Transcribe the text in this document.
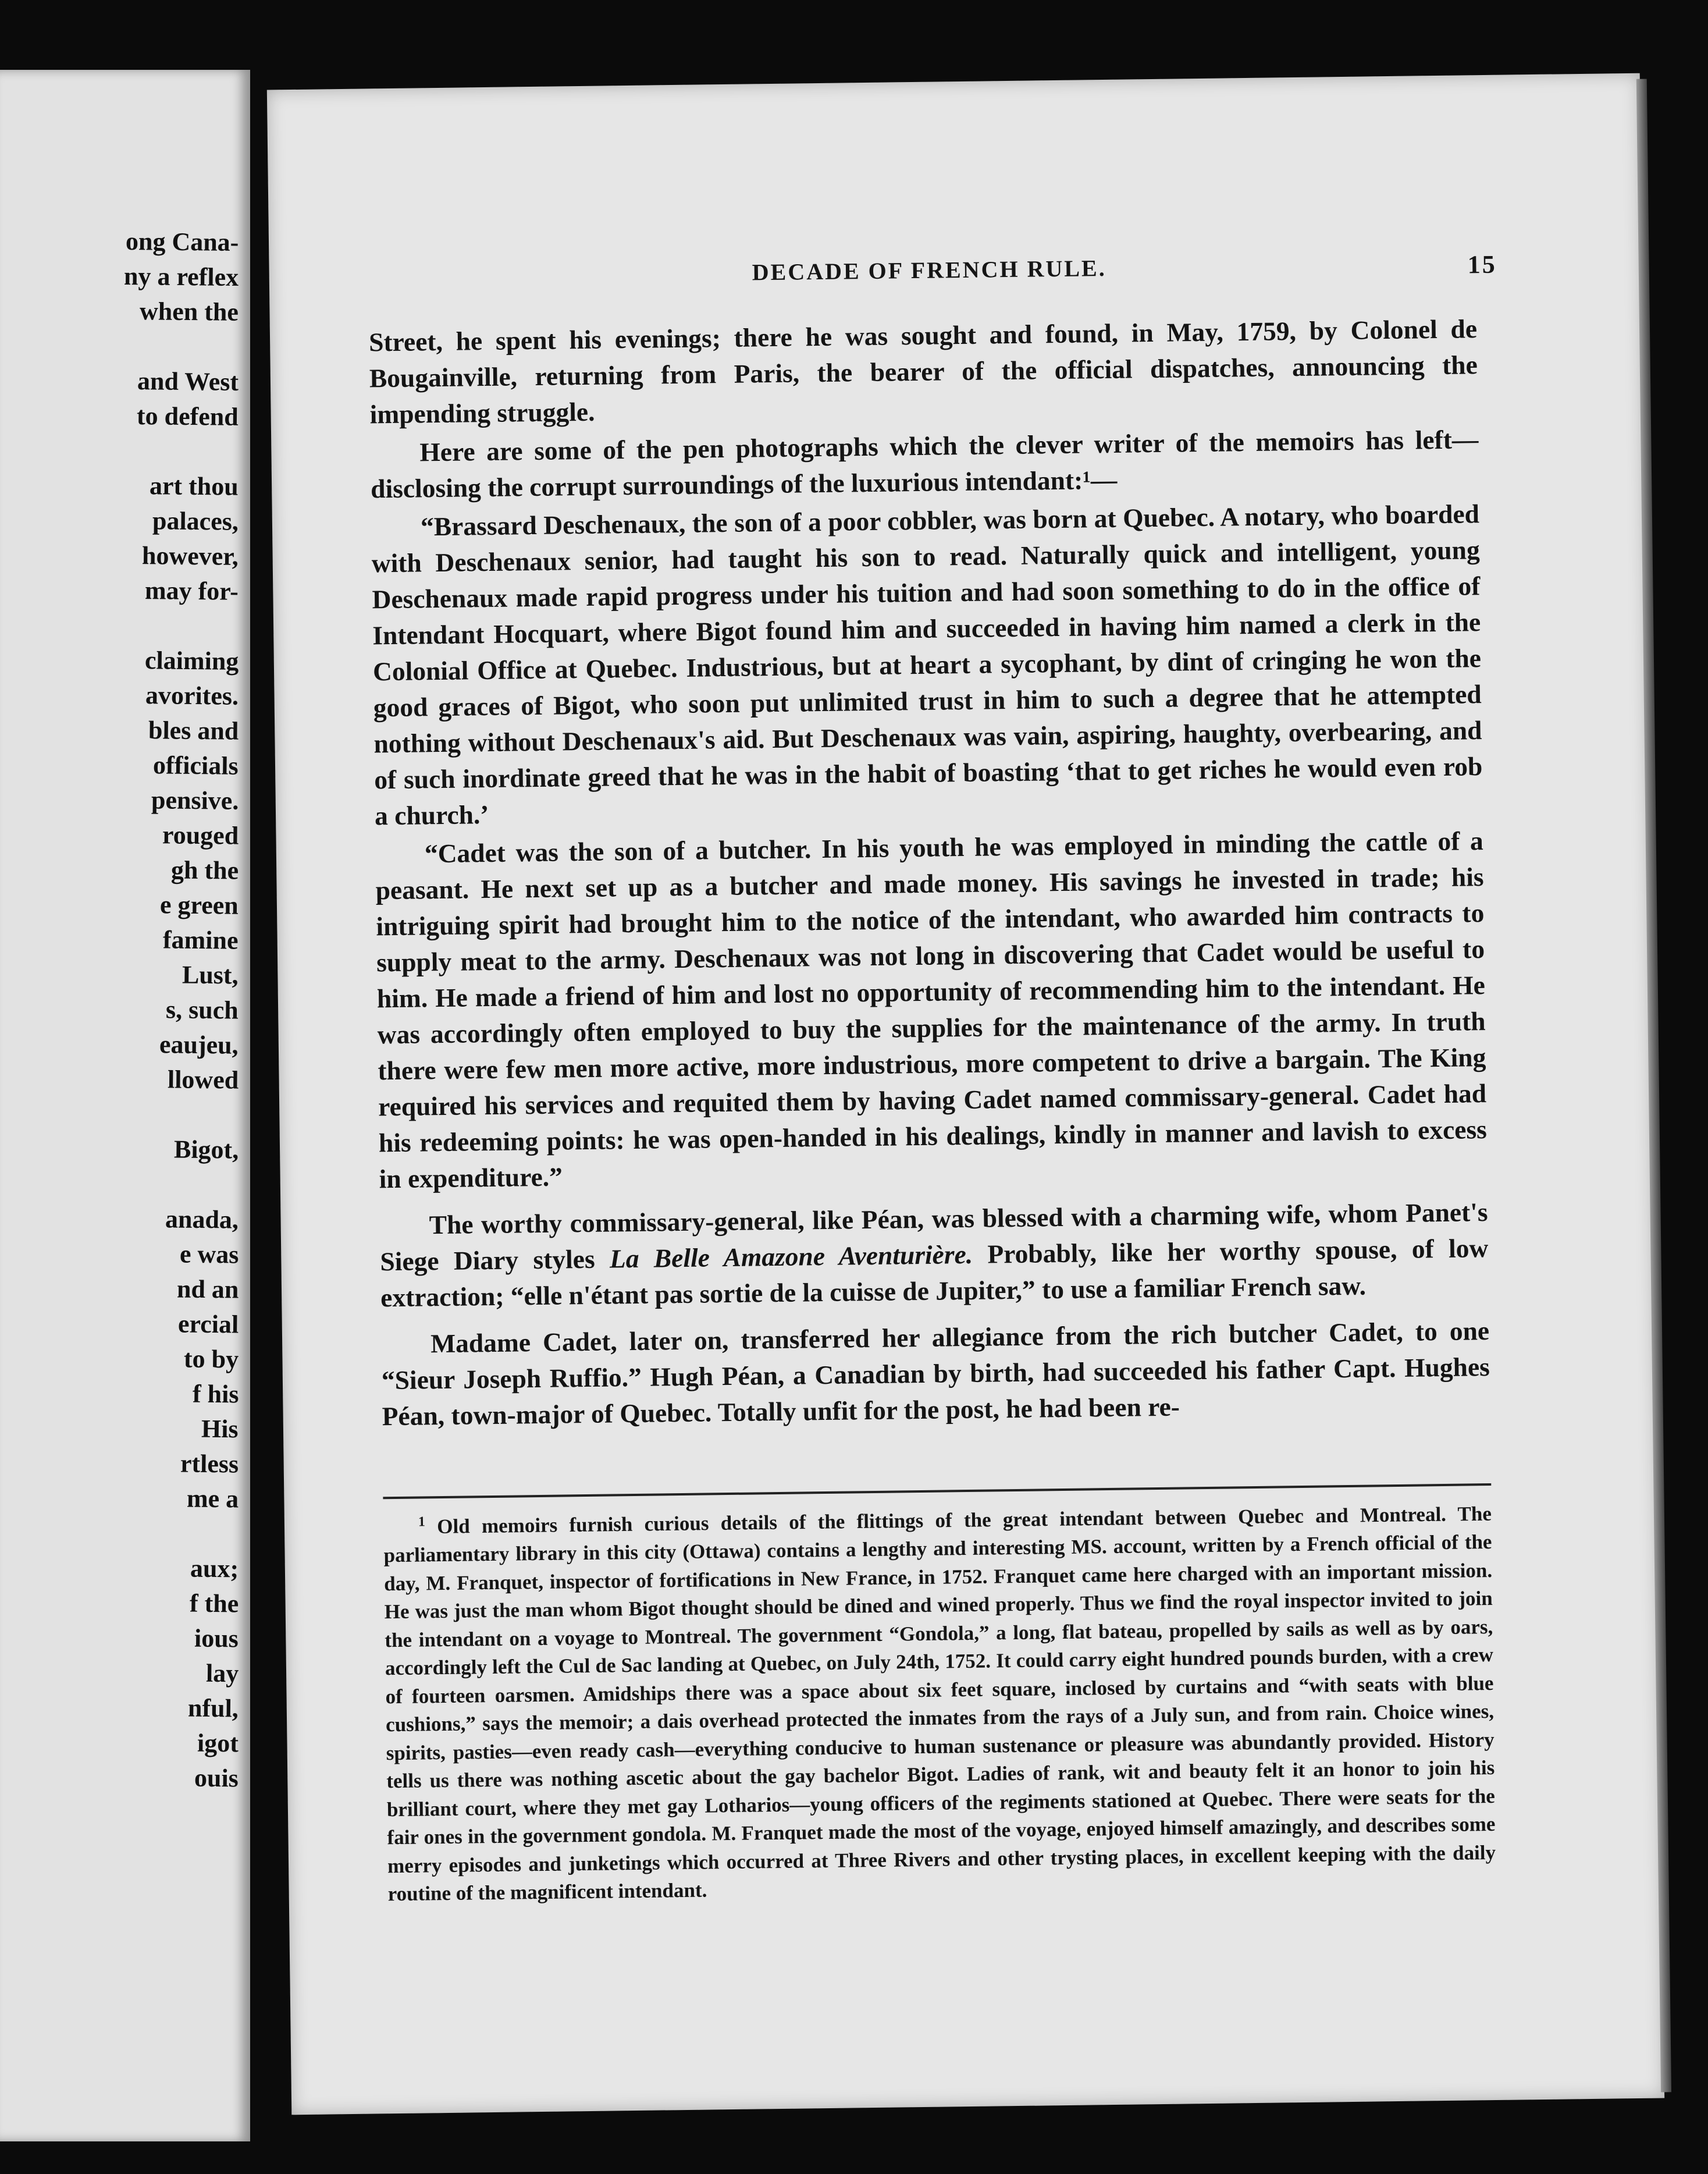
ong Cana-
ny a reflex
when the
and West
to defend
art thou
palaces,
however,
may for-
claiming
avorites.
bles and
officials
pensive.
rouged
gh the
e green
famine
Lust,
s, such
eaujeu,
llowed
Bigot,
anada,
e was
nd an
ercial
to by
f his
His
rtless
me a
aux;
f the
ious
lay
nful,
igot
ouis
DECADE OF FRENCH RULE.	15

Street, he spent his evenings; there he was sought and found, in May, 1759, by Colonel de Bougainville, returning from Paris, the bearer of the official dispatches, announcing the impending struggle.

Here are some of the pen photographs which the clever writer of the memoirs has left—disclosing the corrupt surroundings of the luxurious intendant:¹—

“Brassard Deschenaux, the son of a poor cobbler, was born at Quebec. A notary, who boarded with Deschenaux senior, had taught his son to read. Naturally quick and intelligent, young Deschenaux made rapid progress under his tuition and had soon something to do in the office of Intendant Hocquart, where Bigot found him and succeeded in having him named a clerk in the Colonial Office at Quebec. Industrious, but at heart a sycophant, by dint of cringing he won the good graces of Bigot, who soon put unlimited trust in him to such a degree that he attempted nothing without Deschenaux's aid. But Deschenaux was vain, aspiring, haughty, overbearing, and of such inordinate greed that he was in the habit of boasting ‘that to get riches he would even rob a church.’

“Cadet was the son of a butcher. In his youth he was employed in minding the cattle of a peasant. He next set up as a butcher and made money. His savings he invested in trade; his intriguing spirit had brought him to the notice of the intendant, who awarded him contracts to supply meat to the army. Deschenaux was not long in discovering that Cadet would be useful to him. He made a friend of him and lost no opportunity of recommending him to the intendant. He was accordingly often employed to buy the supplies for the maintenance of the army. In truth there were few men more active, more industrious, more competent to drive a bargain. The King required his services and requited them by having Cadet named commissary-general. Cadet had his redeeming points: he was open-handed in his dealings, kindly in manner and lavish to excess in expenditure.”

The worthy commissary-general, like Péan, was blessed with a charming wife, whom Panet's Siege Diary styles La Belle Amazone Aventurière. Probably, like her worthy spouse, of low extraction; “elle n'étant pas sortie de la cuisse de Jupiter,” to use a familiar French saw.

Madame Cadet, later on, transferred her allegiance from the rich butcher Cadet, to one “Sieur Joseph Ruffio.” Hugh Péan, a Canadian by birth, had succeeded his father Capt. Hughes Péan, town-major of Quebec. Totally unfit for the post, he had been re-

$^1$ Old memoirs furnish curious details of the flittings of the great intendant between Quebec and Montreal. The parliamentary library in this city (Ottawa) contains a lengthy and interesting MS. account, written by a French official of the day, M. Franquet, inspector of fortifications in New France, in 1752. Franquet came here charged with an important mission. He was just the man whom Bigot thought should be dined and wined properly. Thus we find the royal inspector invited to join the intendant on a voyage to Montreal. The government “Gondola,” a long, flat bateau, propelled by sails as well as by oars, accordingly left the Cul de Sac landing at Quebec, on July 24th, 1752. It could carry eight hundred pounds burden, with a crew of fourteen oarsmen. Amidships there was a space about six feet square, inclosed by curtains and “with seats with blue cushions,” says the memoir; a dais overhead protected the inmates from the rays of a July sun, and from rain. Choice wines, spirits, pasties—even ready cash—everything conducive to human sustenance or pleasure was abundantly provided. History tells us there was nothing ascetic about the gay bachelor Bigot. Ladies of rank, wit and beauty felt it an honor to join his brilliant court, where they met gay Lotharios—young officers of the regiments stationed at Quebec. There were seats for the fair ones in the government gondola. M. Franquet made the most of the voyage, enjoyed himself amazingly, and describes some merry episodes and junketings which occurred at Three Rivers and other trysting places, in excellent keeping with the daily routine of the magnificent intendant.
